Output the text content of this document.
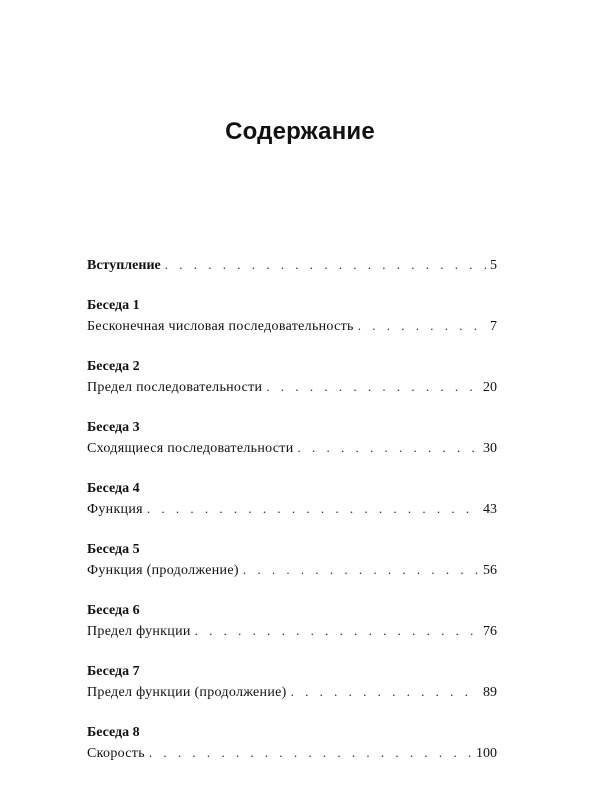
Содержание
Вступление . . .	5
Беседа 1
Бесконечная числовая последовательность . . .	7
Беседа 2
Предел последовательности . . .	20
Беседа 3
Сходящиеся последовательности . . .	30
Беседа 4
Функция . . .	43
Беседа 5
Функция (продолжение) . . .	56
Беседа 6
Предел функции . . .	76
Беседа 7
Предел функции (продолжение) . . .	89
Беседа 8
Скорость . . .	100
